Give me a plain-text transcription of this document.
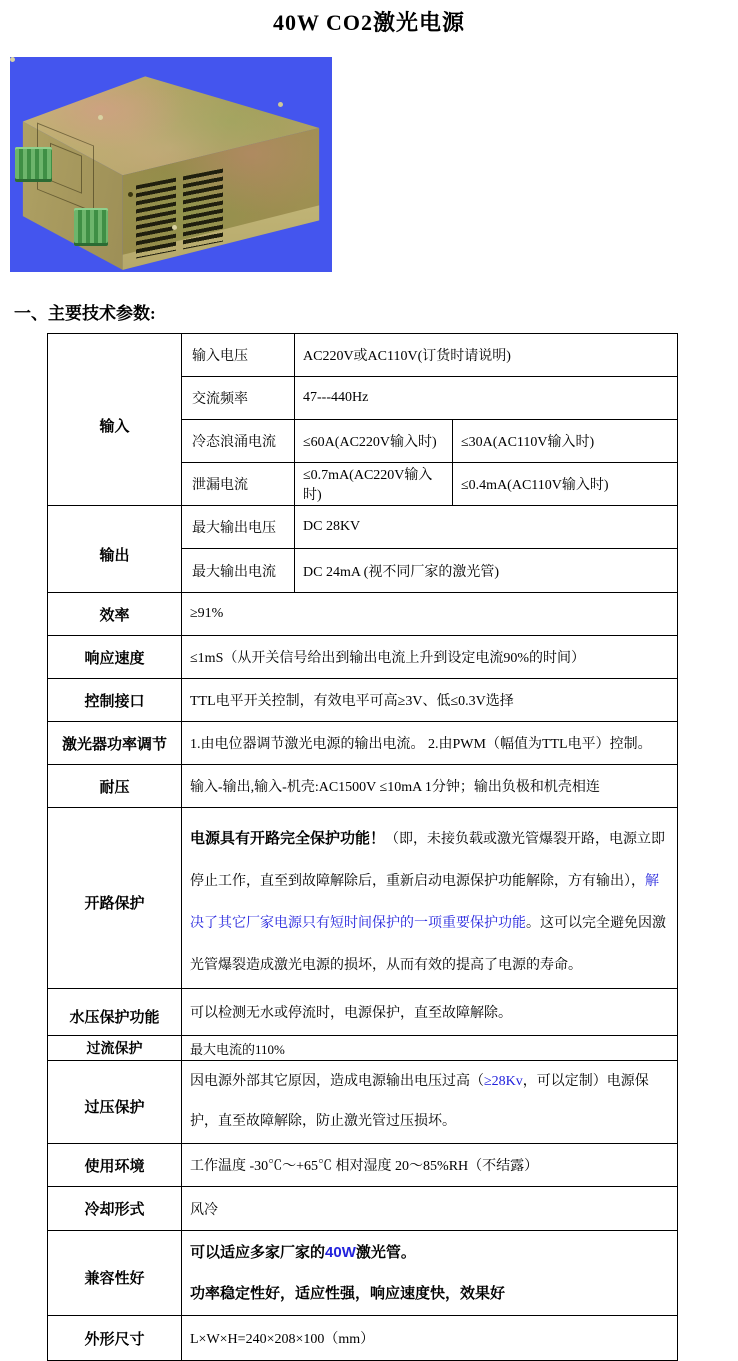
40W CO2激光电源
一、主要技术参数:
输入	输入电压	AC220V或AC110V(订货时请说明)	
	交流频率	47---440Hz	
	冷态浪涌电流	≤60A(AC220V输入时)	≤30A(AC110V输入时)
	泄漏电流	≤0.7mA(AC220V输入时)	≤0.4mA(AC110V输入时)
输出	最大输出电压	DC 28KV	
	最大输出电流	DC 24mA (视不同厂家的激光管)	
效率	≥91%		
响应速度	≤1mS（从开关信号给出到输出电流上升到设定电流90%的时间）		
控制接口	TTL电平开关控制，有效电平可高≥3V、低≤0.3V选择		
激光器功率调节	1.由电位器调节激光电源的输出电流。 2.由PWM（幅值为TTL电平）控制。		
耐压	输入-输出,输入-机壳:AC1500V ≤10mA 1分钟；输出负极和机壳相连		
开路保护	电源具有开路完全保护功能！（即，未接负载或激光管爆裂开路，电源立即停止工作，直至到故障解除后，重新启动电源保护功能解除，方有输出），解决了其它厂家电源只有短时间保护的一项重要保护功能。这可以完全避免因激光管爆裂造成激光电源的损坏，从而有效的提高了电源的寿命。		
水压保护功能	可以检测无水或停流时，电源保护，直至故障解除。		
过流保护	最大电流的110%		
过压保护	因电源外部其它原因，造成电源输出电压过高（≥28Kv，可以定制）电源保护，直至故障解除，防止激光管过压损坏。		
使用环境	工作温度 -30℃～+65℃ 相对湿度 20～85%RH（不结露）		
冷却形式	风冷		
兼容性好	可以适应多家厂家的40W激光管。
功率稳定性好，适应性强，响应速度快，效果好		

外形尺寸	L×W×H=240×208×100（mm）		
